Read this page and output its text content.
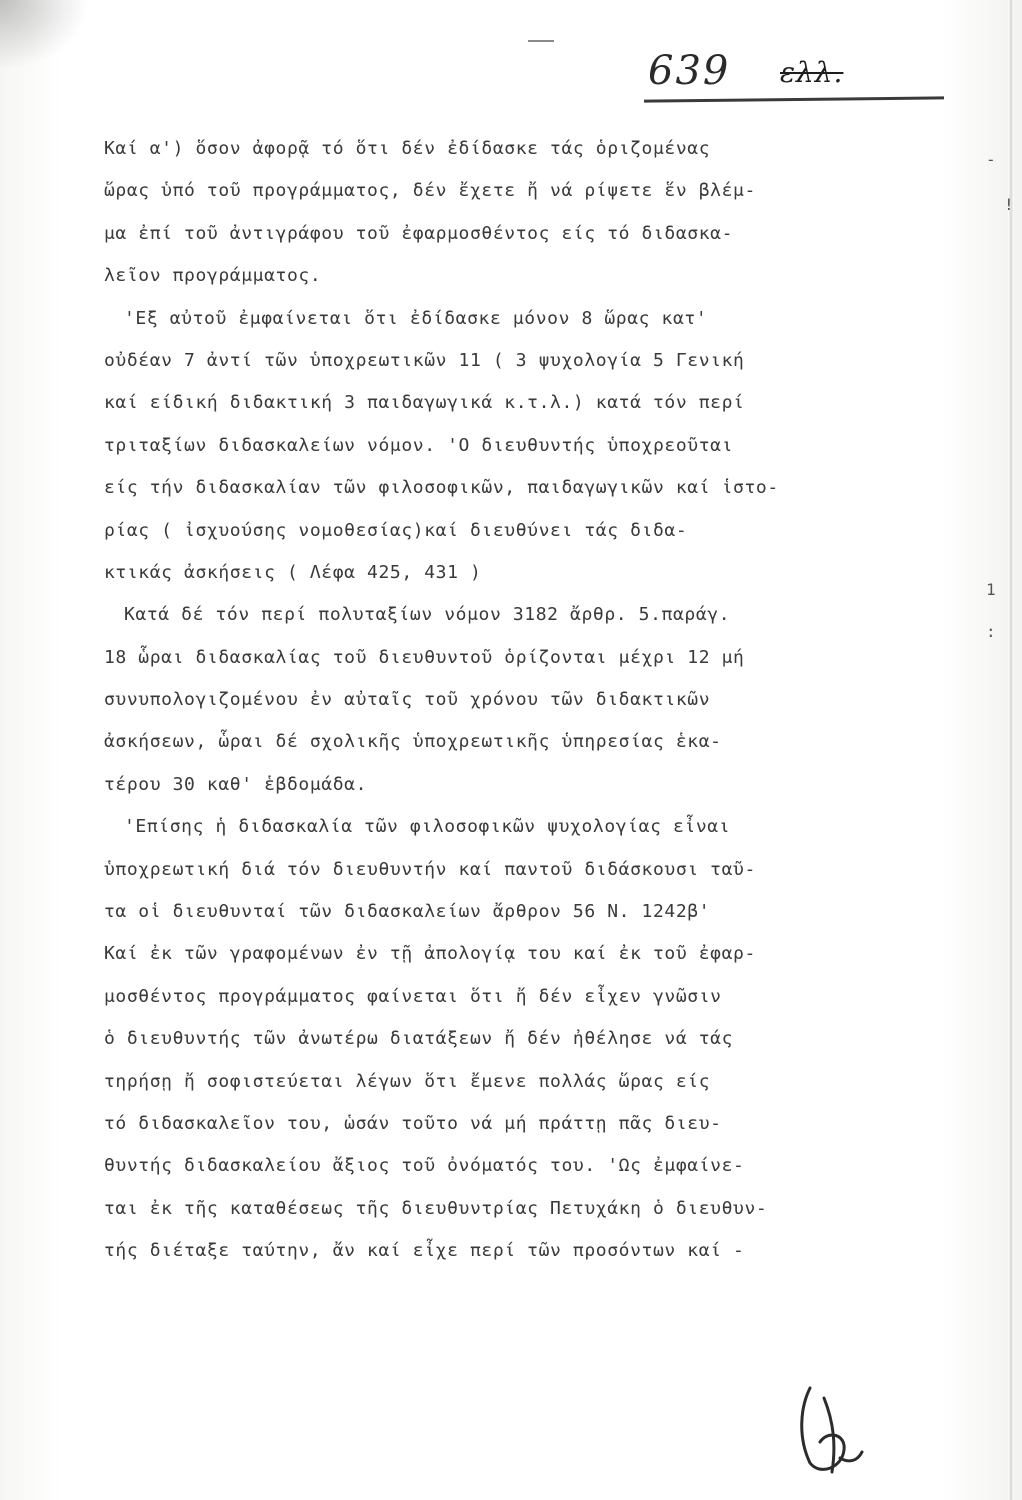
639 ελλ.
Καί α') ὅσον ἀφορᾷ τό ὅτι δέν ἐδίδασκε τάς ὁριζομένας
ὥρας ὑπό τοῦ προγράμματος, δέν ἔχετε ἤ νά ρίψετε ἕν βλέμ-
μα ἐπί τοῦ ἀντιγράφου τοῦ ἐφαρμοσθέντος είς τό διδασκα-
λεῖον προγράμματος.
'Εξ αὐτοῦ ἐμφαίνεται ὅτι ἐδίδασκε μόνον 8 ὥρας κατ'
οὐδέαν 7 ἀντί τῶν ὑποχρεωτικῶν 11 ( 3 ψυχολογία 5 Γενική
καί είδική διδακτική 3 παιδαγωγικά κ.τ.λ.) κατά τόν περί
τριταξίων διδασκαλείων νόμον. 'Ο διευθυντής ὑποχρεοῦται
είς τήν διδασκαλίαν τῶν φιλοσοφικῶν, παιδαγωγικῶν καί ἱστο-
ρίας ( ἰσχυούσης νομοθεσίας)καί διευθύνει τάς διδα-
κτικάς ἀσκήσεις ( Λέφα 425, 431 )
Κατά δέ τόν περί πολυταξίων νόμον 3182 ἄρθρ. 5.παράγ.
18 ὧραι διδασκαλίας τοῦ διευθυντοῦ ὁρίζονται μέχρι 12 μή
συνυπολογιζομένου ἐν αὐταῖς τοῦ χρόνου τῶν διδακτικῶν
ἀσκήσεων, ὧραι δέ σχολικῆς ὑποχρεωτικῆς ὑπηρεσίας ἑκα-
τέρου 30 καθ' ἑβδομάδα.
'Επίσης ἡ διδασκαλία τῶν φιλοσοφικῶν ψυχολογίας εἶναι
ὑποχρεωτική διά τόν διευθυντήν καί παντοῦ διδάσκουσι ταῦ-
τα οἱ διευθυνταί τῶν διδασκαλείων ἄρθρον 56 Ν. 1242β'
Καί ἐκ τῶν γραφομένων ἐν τῇ ἀπολογίᾳ του καί ἐκ τοῦ ἐφαρ-
μοσθέντος προγράμματος φαίνεται ὅτι ἤ δέν εἶχεν γνῶσιν
ὁ διευθυντής τῶν ἀνωτέρω διατάξεων ἤ δέν ἠθέλησε νά τάς
τηρήσῃ ἤ σοφιστεύεται λέγων ὅτι ἔμενε πολλάς ὥρας είς
τό διδασκαλεῖον του, ὡσάν τοῦτο νά μή πράττῃ πᾶς διευ-
θυντής διδασκαλείου ἄξιος τοῦ ὀνόματός του. 'Ως ἐμφαίνε-
ται ἐκ τῆς καταθέσεως τῆς διευθυντρίας Πετυχάκη ὁ διευθυν-
τής διέταξε ταύτην, ἄν καί εἶχε περί τῶν προσόντων καί -
-
!
1
:
